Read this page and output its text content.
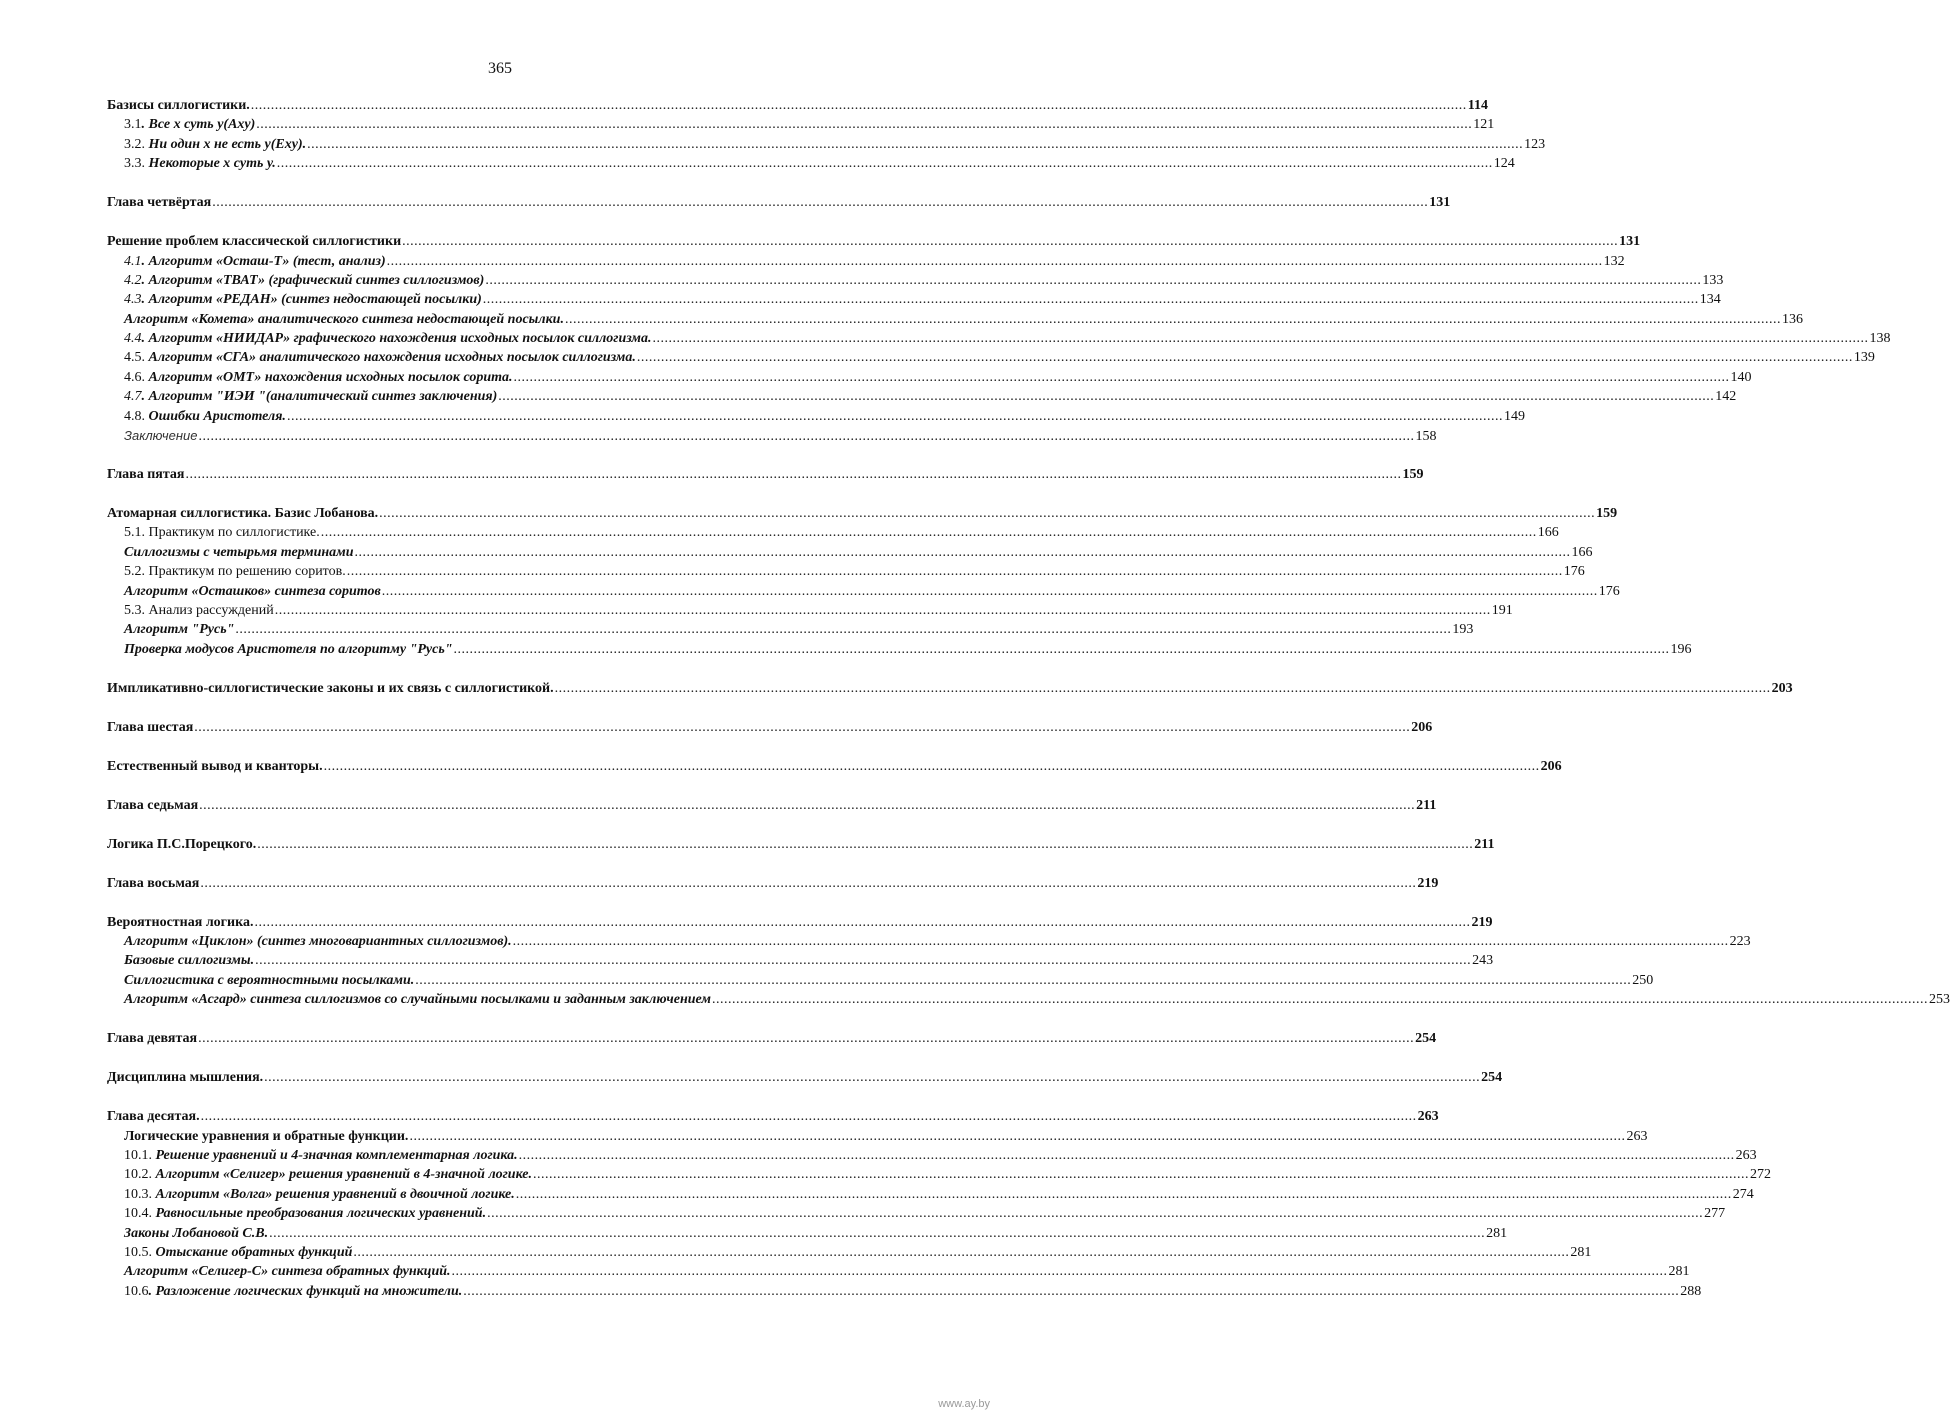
365
Базисы силлогистики. .....	114
3.1. Все х суть у(Аху) .....	121
3.2. Ни один х не есть у(Еху). .....	123
3.3. Некоторые х суть у. .....	124
Глава четвёртая .....	131
Решение проблем классической силлогистики .....	131
4.1. Алгоритм «Осташ-Т» (тест, анализ) .....	132
4.2. Алгоритм «ТВАТ» (графический синтез силлогизмов) .....	133
4.3. Алгоритм «РЕДАН» (синтез недостающей посылки) .....	134
Алгоритм «Комета» аналитического синтеза недостающей посылки. .....	136
4.4. Алгоритм «НИИДАР» графического нахождения исходных посылок силлогизма. .....	138
4.5. Алгоритм «СГА» аналитического нахождения исходных посылок силлогизма. .....	139
4.6. Алгоритм «ОМТ» нахождения исходных посылок сорита. .....	140
4.7. Алгоритм "ИЭИ "(аналитический синтез заключения) .....	142
4.8. Ошибки Аристотеля. .....	149
Заключение .....	158
Глава пятая .....	159
Атомарная силлогистика. Базис Лобанова. .....	159
5.1. Практикум по силлогистике. .....	166
Силлогизмы с четырьмя терминами .....	166
5.2. Практикум по решению соритов. .....	176
Алгоритм «Осташков» синтеза соритов .....	176
5.3. Анализ рассуждений .....	191
Алгоритм "Русь" .....	193
Проверка модусов Аристотеля по алгоритму "Русь" .....	196
Импликативно-силлогистические законы и их связь с силлогистикой. .....	203
Глава шестая .....	206
Естественный вывод и кванторы. .....	206
Глава седьмая .....	211
Логика П.С.Порецкого. .....	211
Глава восьмая .....	219
Вероятностная логика. .....	219
Алгоритм «Циклон» (синтез многовариантных силлогизмов). .....	223
Базовые силлогизмы. .....	243
Силлогистика с вероятностными посылками. .....	250
Алгоритм «Асгард» синтеза силлогизмов со случайными посылками и заданным заключением .....	253
Глава девятая .....	254
Дисциплина мышления. .....	254
Глава десятая. .....	263
Логические уравнения и обратные функции. .....	263
10.1. Решение уравнений и 4-значная комплементарная логика. .....	263
10.2. Алгоритм «Селигер» решения уравнений в 4-значной логике. .....	272
10.3. Алгоритм «Волга» решения уравнений в двоичной логике. .....	274
10.4. Равносильные преобразования логических уравнений. .....	277
Законы Лобановой С.В. .....	281
10.5. Отыскание обратных функций .....	281
Алгоритм «Селигер-С» синтеза обратных функций. .....	281
10.6. Разложение логических функций на множители. .....	288
www.ay.by
